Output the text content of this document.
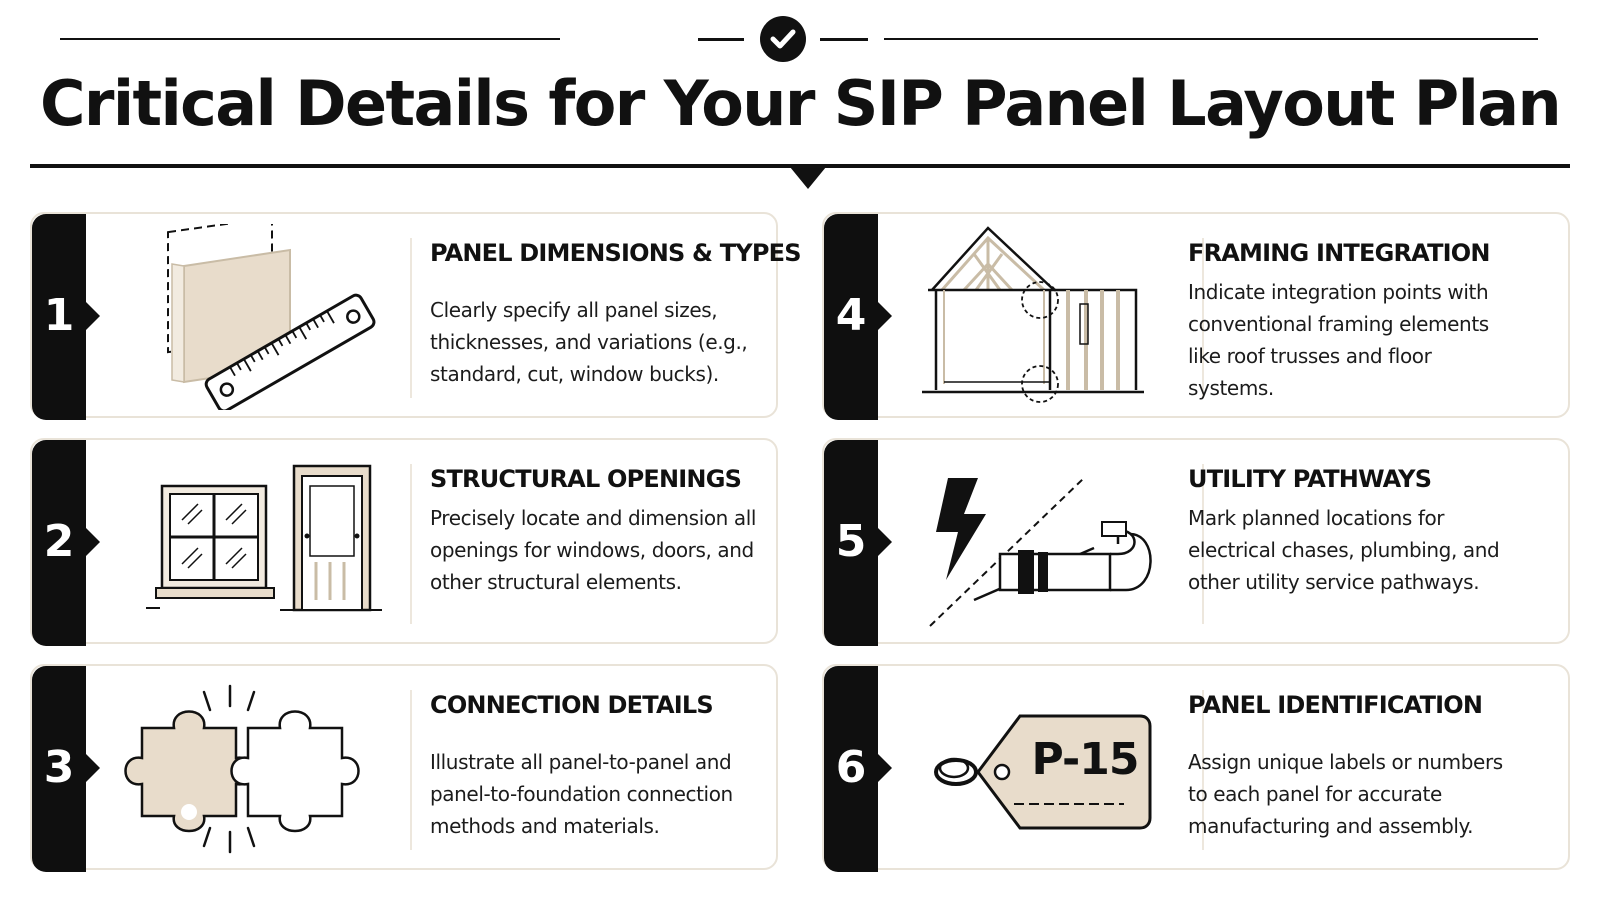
Critical Details for Your SIP Panel Layout Plan
1
PANEL DIMENSIONS & TYPES

Clearly specify all panel sizes, thicknesses, and variations (e.g., standard, cut, window bucks).

2
STRUCTURAL OPENINGS

Precisely locate and dimension all openings for windows, doors, and other structural elements.

3
CONNECTION DETAILS

Illustrate all panel-to-panel and panel-to-foundation connection methods and materials.

4
FRAMING INTEGRATION

Indicate integration points with conventional framing elements like roof trusses and floor systems.

5
UTILITY PATHWAYS

Mark planned locations for electrical chases, plumbing, and other utility service pathways.

6	P-15
PANEL IDENTIFICATION

Assign unique labels or numbers to each panel for accurate manufacturing and assembly.
